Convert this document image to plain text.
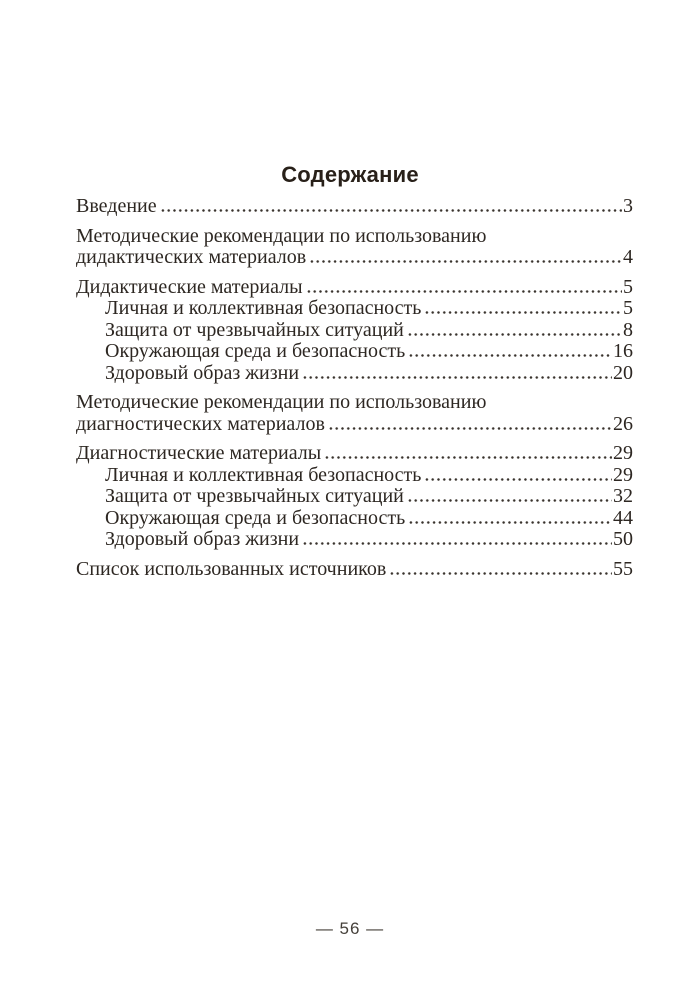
Содержание
Введение	3
Методические рекомендации по использованию
дидактических материалов	4
Дидактические материалы	5
Личная и коллективная безопасность	5
Защита от чрезвычайных ситуаций	8
Окружающая среда и безопасность	16
Здоровый образ жизни	20
Методические рекомендации по использованию
диагностических материалов	26
Диагностические материалы	29
Личная и коллективная безопасность	29
Защита от чрезвычайных ситуаций	32
Окружающая среда и безопасность	44
Здоровый образ жизни	50
Список использованных источников	55
— 56 —
